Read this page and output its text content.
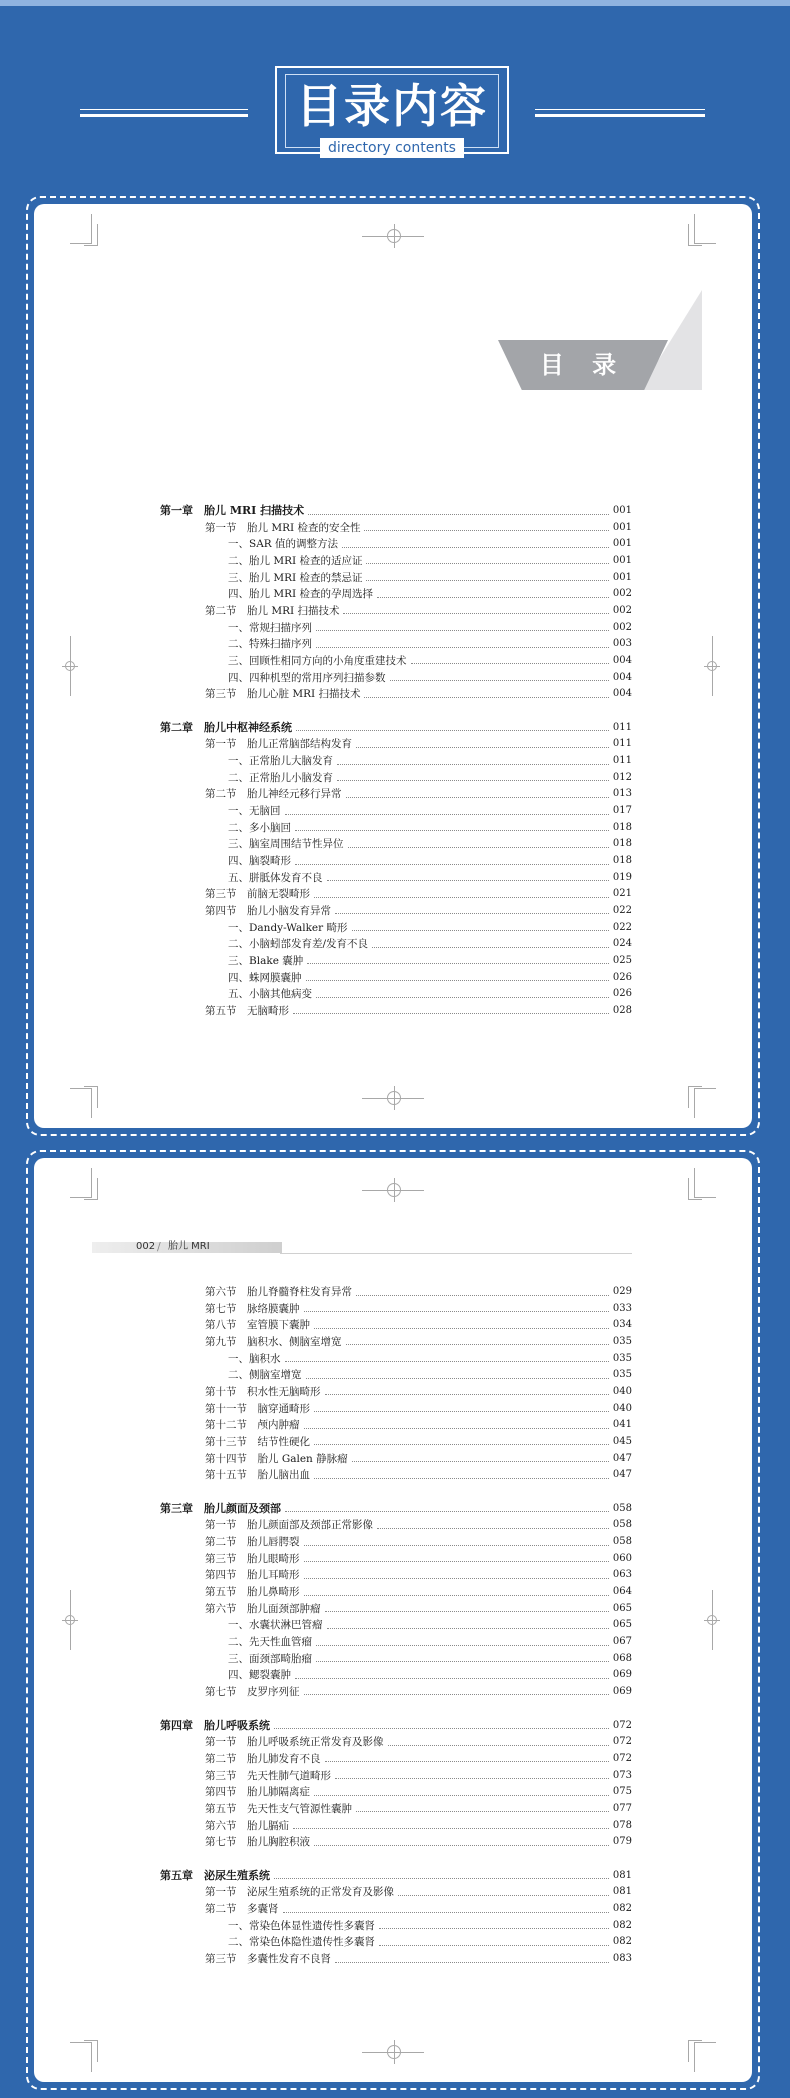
目录内容
directory contents
目 录
002 / 胎儿 MRI
第一章　胎儿 MRI 扫描技术	001
第一节　胎儿 MRI 检查的安全性	001
一、SAR 值的调整方法	001
二、胎儿 MRI 检查的适应证	001
三、胎儿 MRI 检查的禁忌证	001
四、胎儿 MRI 检查的孕周选择	002
第二节　胎儿 MRI 扫描技术	002
一、常规扫描序列	002
二、特殊扫描序列	003
三、回顾性相同方向的小角度重建技术	004
四、四种机型的常用序列扫描参数	004
第三节　胎儿心脏 MRI 扫描技术	004
第二章　胎儿中枢神经系统	011
第一节　胎儿正常脑部结构发育	011
一、正常胎儿大脑发育	011
二、正常胎儿小脑发育	012
第二节　胎儿神经元移行异常	013
一、无脑回	017
二、多小脑回	018
三、脑室周围结节性异位	018
四、脑裂畸形	018
五、胼胝体发育不良	019
第三节　前脑无裂畸形	021
第四节　胎儿小脑发育异常	022
一、Dandy-Walker 畸形	022
二、小脑蚓部发育差/发育不良	024
三、Blake 囊肿	025
四、蛛网膜囊肿	026
五、小脑其他病变	026
第五节　无脑畸形	028
第六节　胎儿脊髓脊柱发育异常	029
第七节　脉络膜囊肿	033
第八节　室管膜下囊肿	034
第九节　脑积水、侧脑室增宽	035
一、脑积水	035
二、侧脑室增宽	035
第十节　积水性无脑畸形	040
第十一节　脑穿通畸形	040
第十二节　颅内肿瘤	041
第十三节　结节性硬化	045
第十四节　胎儿 Galen 静脉瘤	047
第十五节　胎儿脑出血	047
第三章　胎儿颜面及颈部	058
第一节　胎儿颜面部及颈部正常影像	058
第二节　胎儿唇腭裂	058
第三节　胎儿眼畸形	060
第四节　胎儿耳畸形	063
第五节　胎儿鼻畸形	064
第六节　胎儿面颈部肿瘤	065
一、水囊状淋巴管瘤	065
二、先天性血管瘤	067
三、面颈部畸胎瘤	068
四、鳃裂囊肿	069
第七节　皮罗序列征	069
第四章　胎儿呼吸系统	072
第一节　胎儿呼吸系统正常发育及影像	072
第二节　胎儿肺发育不良	072
第三节　先天性肺气道畸形	073
第四节　胎儿肺隔离症	075
第五节　先天性支气管源性囊肿	077
第六节　胎儿膈疝	078
第七节　胎儿胸腔积液	079
第五章　泌尿生殖系统	081
第一节　泌尿生殖系统的正常发育及影像	081
第二节　多囊肾	082
一、常染色体显性遗传性多囊肾	082
二、常染色体隐性遗传性多囊肾	082
第三节　多囊性发育不良肾	083
